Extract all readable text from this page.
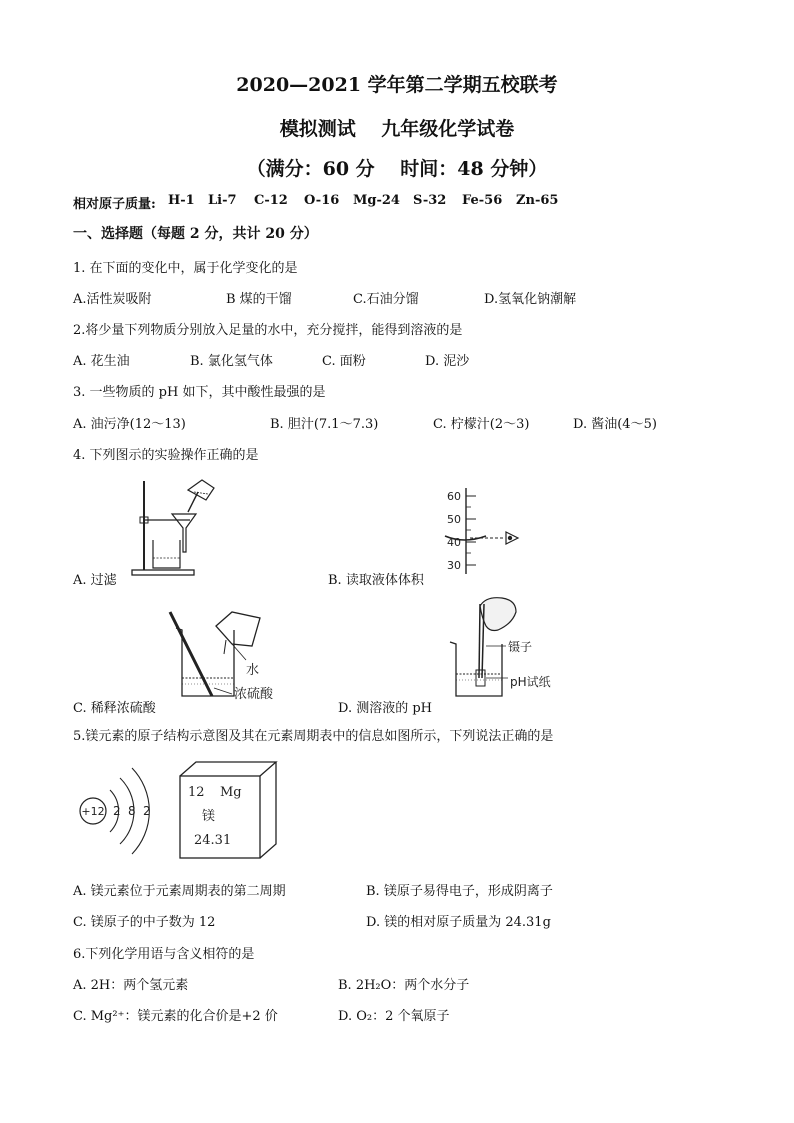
2020—2021 学年第二学期五校联考
模拟测试　 九年级化学试卷
（满分：60 分　 时间：48 分钟）
相对原子质量: H-1 Li-7 C-12 O-16 Mg-24 S-32 Fe-56 Zn-65
一、选择题（每题 2 分，共计 20 分）
1. 在下面的变化中，属于化学变化的是
A.活性炭吸附	B 煤的干馏	C.石油分馏	D.氢氧化钠潮解
2.将少量下列物质分别放入足量的水中，充分搅拌，能得到溶液的是
A. 花生油	B. 氯化氢气体	C. 面粉	D. 泥沙
3. 一些物质的 pH 如下，其中酸性最强的是
A. 油污净(12～13)	B. 胆汁(7.1～7.3)	C. 柠檬汁(2～3)	D. 酱油(4～5)
4. 下列图示的实验操作正确的是
A. 过滤
60
50
40
30
B. 读取液体体积
水
浓硫酸
C. 稀释浓硫酸
镊子
pH试纸
D. 测溶液的 pH
5.镁元素的原子结构示意图及其在元素周期表中的信息如图所示，下列说法正确的是
+12 2 8 2
12 Mg
镁
24.31
A. 镁元素位于元素周期表的第二周期	B. 镁原子易得电子，形成阴离子
C. 镁原子的中子数为 12	D. 镁的相对原子质量为 24.31g
6.下列化学用语与含义相符的是
A. 2H：两个氢元素	B. 2H₂O：两个水分子
C. Mg²⁺：镁元素的化合价是+2 价	D. O₂：2 个氧原子
